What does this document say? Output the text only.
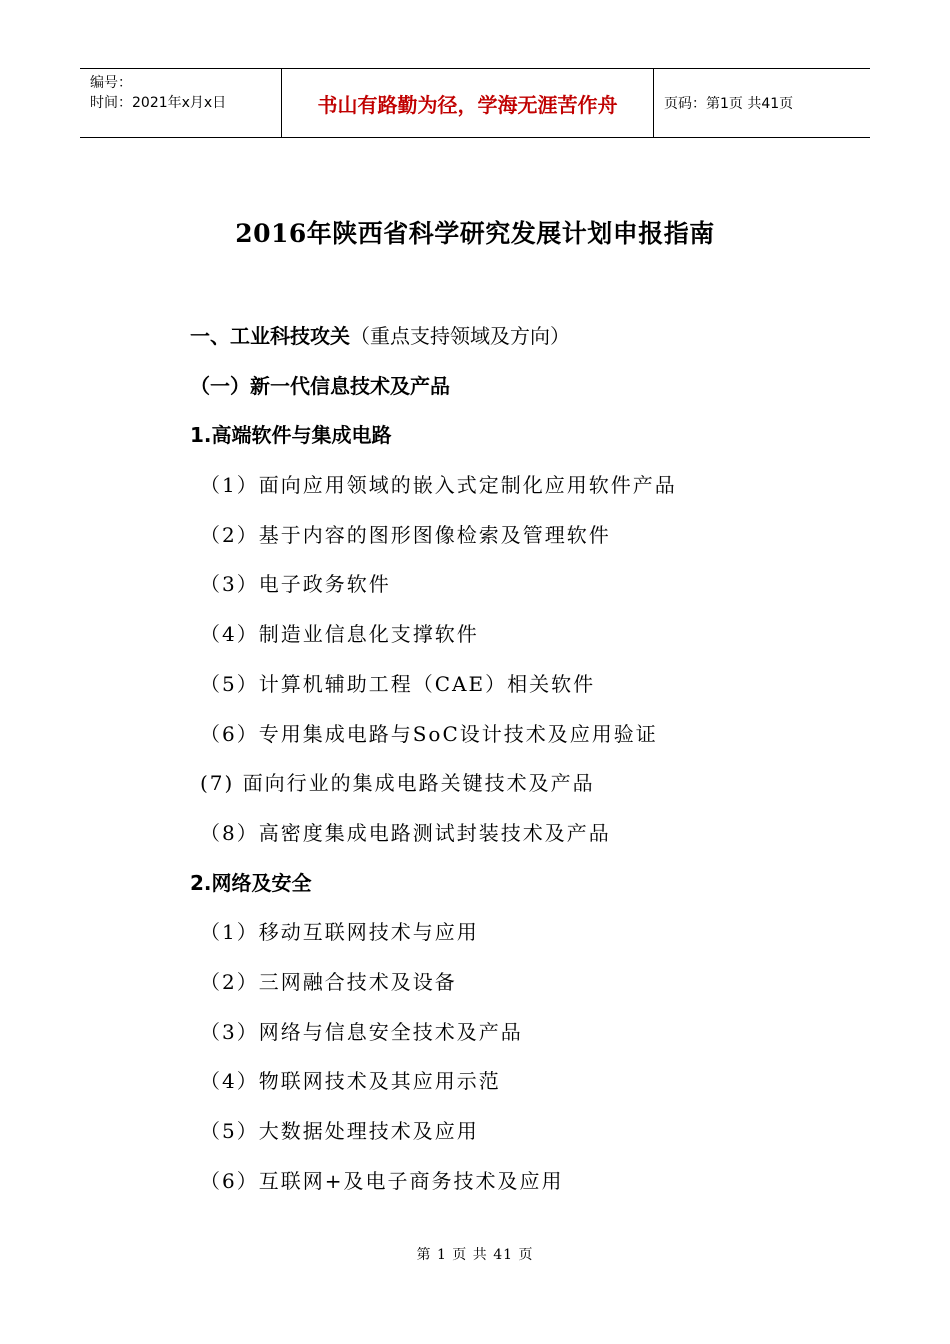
编号：
时间：2021年x月x日	书山有路勤为径，学海无涯苦作舟	页码：第1页 共41页
2016年陕西省科学研究发展计划申报指南
一、工业科技攻关（重点支持领域及方向）
（一）新一代信息技术及产品
1.高端软件与集成电路
（1）面向应用领域的嵌入式定制化应用软件产品
（2）基于内容的图形图像检索及管理软件
（3）电子政务软件
（4）制造业信息化支撑软件
（5）计算机辅助工程（CAE）相关软件
（6）专用集成电路与SoC设计技术及应用验证
(7) 面向行业的集成电路关键技术及产品
（8）高密度集成电路测试封装技术及产品
2.网络及安全
（1）移动互联网技术与应用
（2）三网融合技术及设备
（3）网络与信息安全技术及产品
（4）物联网技术及其应用示范
（5）大数据处理技术及应用
（6）互联网+及电子商务技术及应用
第 1 页 共 41 页
